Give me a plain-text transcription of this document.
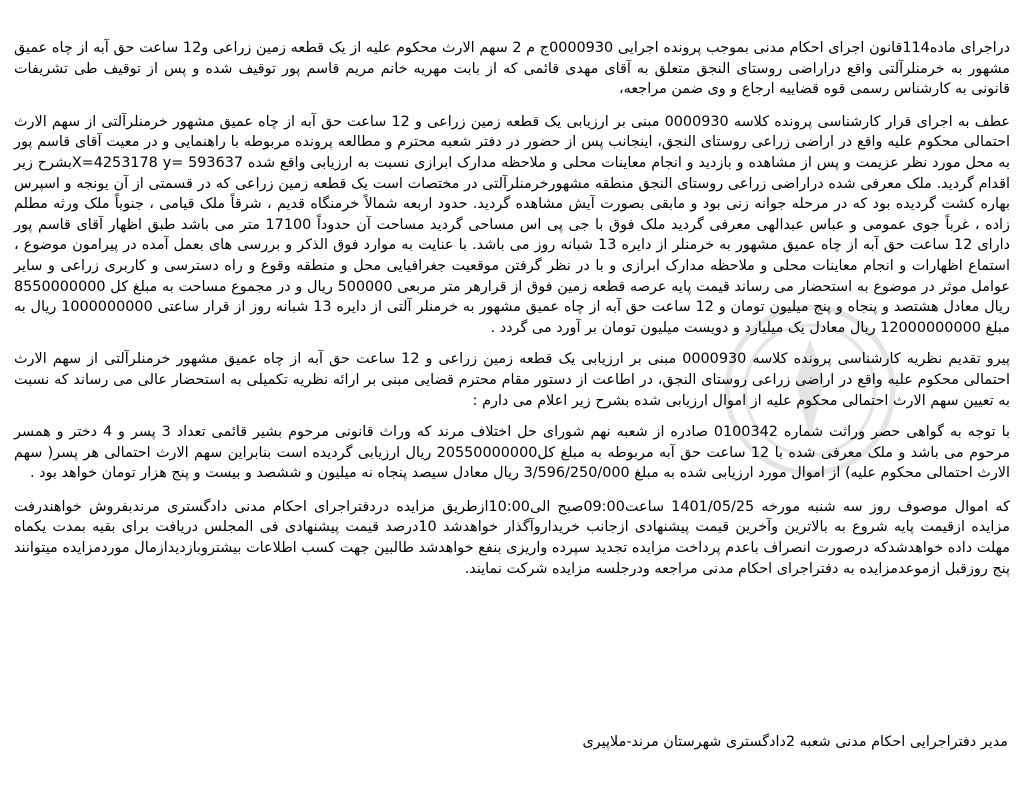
دراجرای ماده114قانون اجرای احکام مدنی بموجب پرونده اجرایی 0000930ج م 2 سهم الارث محکوم علیه از یک قطعه زمین زراعی و12 ساعت حق آبه از چاه عمیق مشهور به خرمنلرآلتی واقع دراراضی روستای النجق متعلق به آقای مهدی قائمی که از بابت مهریه خانم مریم قاسم پور توقیف شده و پس از توقیف طی تشریفات قانونی به کارشناس رسمی قوه قضاییه ارجاع و وی ضمن مراجعه،

عطف به اجرای قرار کارشناسی پرونده کلاسه 0000930 مبنی بر ارزیابی یک قطعه زمین زراعی و 12 ساعت حق آبه از چاه عمیق مشهور خرمنلرآلتی از سهم الارث احتمالی محکوم علیه واقع در اراضی زراعی روستای النجق، اینجانب پس از حضور در دفتر شعبه محترم و مطالعه پرونده مربوطه با راهنمایی و در معیت آقای قاسم پور به محل مورد نظر عزیمت و پس از مشاهده و بازدید و انجام معاینات محلی و ملاحظه مدارک ابرازی نسبت به ارزیابی واقع شده X=4253178 y= 593637بشرح زیر اقدام گردید. ملک معرفی شده دراراضی زراعی روستای النجق منطقه مشهورخرمنلرآلتی در مختصات است یک قطعه زمین زراعی که در قسمتی از آن یونجه و اسپرس بهاره کشت گردیده بود که در مرحله جوانه زنی بود و مابقی بصورت آیش مشاهده گردید. حدود اربعه شمالاً خرمنگاه قدیم ، شرقاً ملک قیامی ، جنوباً ملک ورثه مطلم زاده ، غرباً جوی عمومی و عباس عبدالهی معرفی گردید ملک فوق با جی پی اس مساحی گردید مساحت آن حدوداً 17100 متر می باشد طبق اظهار آقای قاسم پور دارای 12 ساعت حق آبه از چاه عمیق مشهور به خرمنلر از دایره 13 شبانه روز می باشد. با عنایت به موارد فوق الذکر و بررسی های بعمل آمده در پیرامون موضوع ، استماع اظهارات و انجام معاینات محلی و ملاحظه مدارک ابرازی و با در نظر گرفتن موقعیت جغرافیایی محل و منطقه وقوع و راه دسترسی و کاربری زراعی و سایر عوامل موثر در موضوع به استحضار می رساند قیمت پایه عرصه قطعه زمین فوق از قرارهر متر مربعی 500000 ریال و در مجموع مساحت به مبلغ کل 8550000000 ریال معادل هشتصد و پنجاه و پنج میلیون تومان و 12 ساعت حق آبه از چاه عمیق مشهور به خرمنلر آلتی از دایره 13 شبانه روز از قرار ساعتی 1000000000 ریال به مبلغ 12000000000 ریال معادل یک میلیارد و دویست میلیون تومان بر آورد می گردد .

پیرو تقدیم نظریه کارشناسی پرونده کلاسه 0000930 مبنی بر ارزیابی یک قطعه زمین زراعی و 12 ساعت حق آبه از چاه عمیق مشهور خرمنلرآلتی از سهم الارث احتمالی محکوم علیه واقع در اراضی زراعی روستای النجق، در اطاعت از دستور مقام محترم قضایی مبنی بر ارائه نظریه تکمیلی به استحضار عالی می رساند که نسبت به تعیین سهم الارث احتمالی محکوم علیه از اموال ارزیابی شده بشرح زیر اعلام می دارم :

با توجه به گواهی حصر وراثت شماره 0100342 صادره از شعبه نهم شورای حل اختلاف مرند که وراث قانونی مرحوم بشیر قائمی تعداد 3 پسر و 4 دختر و همسر مرحوم می باشد و ملک معرفی شده با 12 ساعت حق آبه مربوطه به مبلغ کل20550000000 ریال ارزیابی گردیده است بنابراین سهم الارث احتمالی هر پسر( سهم الارث احتمالی محکوم علیه) از اموال مورد ارزیابی شده به مبلغ 3/596/250/000 ریال معادل سیصد پنجاه نه میلیون و ششصد و بیست و پنج هزار تومان خواهد بود .

که اموال موصوف روز سه شنبه مورخه 1401/05/25 ساعت09:00صبح الی10:00ازطریق مزایده دردفتراجرای احکام مدنی دادگستری مرندبفروش خواهندرفت مزایده ازقیمت پایه شروع به بالاترین وآخرین قیمت پیشنهادی ازجانب خریداروآگذار خواهدشد 10درصد قیمت پیشنهادی فی المجلس دریافت برای بقیه بمدت یکماه مهلت داده خواهدشدکه درصورت انصراف باعدم پرداخت مزایده تجدید سپرده واریزی بنفع خواهدشد طالبین جهت کسب اطلاعات بیشتروبازدیدازمال موردمزایده میتوانند پنج روزقبل ازموعدمزایده به دفتراجرای احکام مدنی مراجعه ودرجلسه مزایده شرکت نمایند.

مدیر دفتراجرایی احکام مدنی شعبه 2دادگستری شهرستان مرند-ملاپیری
